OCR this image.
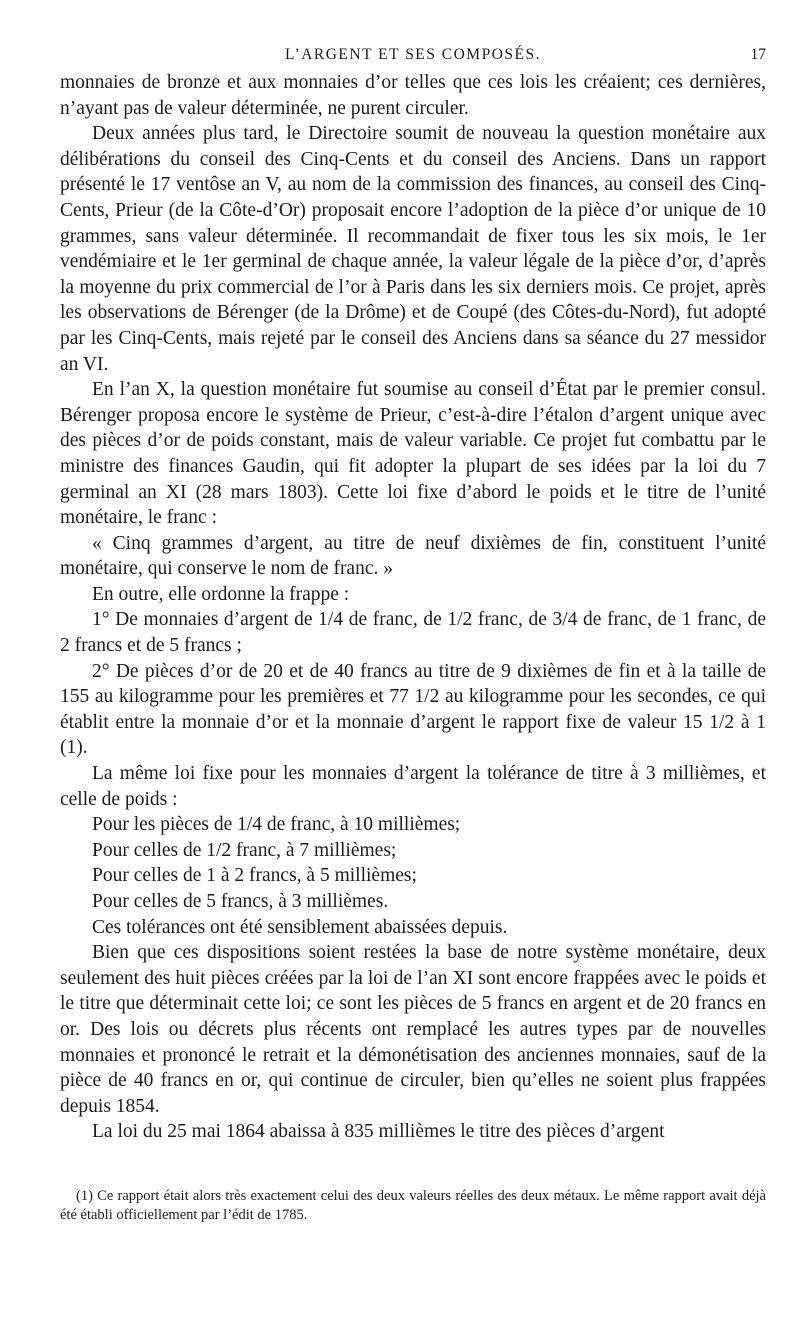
L’ARGENT ET SES COMPOSÉS.	17

monnaies de bronze et aux monnaies d’or telles que ces lois les créaient; ces dernières, n’ayant pas de valeur déterminée, ne purent circuler.

Deux années plus tard, le Directoire soumit de nouveau la question monétaire aux délibérations du conseil des Cinq-Cents et du conseil des Anciens. Dans un rapport présenté le 17 ventôse an V, au nom de la commission des finances, au conseil des Cinq-Cents, Prieur (de la Côte-d’Or) proposait encore l’adoption de la pièce d’or unique de 10 grammes, sans valeur déterminée. Il recommandait de fixer tous les six mois, le 1er vendémiaire et le 1er germinal de chaque année, la valeur légale de la pièce d’or, d’après la moyenne du prix commercial de l’or à Paris dans les six derniers mois. Ce projet, après les observations de Bérenger (de la Drôme) et de Coupé (des Côtes-du-Nord), fut adopté par les Cinq-Cents, mais rejeté par le conseil des Anciens dans sa séance du 27 messidor an VI.

En l’an X, la question monétaire fut soumise au conseil d’État par le premier consul. Bérenger proposa encore le système de Prieur, c’est-à-dire l’étalon d’argent unique avec des pièces d’or de poids constant, mais de valeur variable. Ce projet fut combattu par le ministre des finances Gaudin, qui fit adopter la plupart de ses idées par la loi du 7 germinal an XI (28 mars 1803). Cette loi fixe d’abord le poids et le titre de l’unité monétaire, le franc :

« Cinq grammes d’argent, au titre de neuf dixièmes de fin, constituent l’unité monétaire, qui conserve le nom de franc. »

En outre, elle ordonne la frappe :

1° De monnaies d’argent de 1/4 de franc, de 1/2 franc, de 3/4 de franc, de 1 franc, de 2 francs et de 5 francs ;

2° De pièces d’or de 20 et de 40 francs au titre de 9 dixièmes de fin et à la taille de 155 au kilogramme pour les premières et 77 1/2 au kilogramme pour les secondes, ce qui établit entre la monnaie d’or et la monnaie d’argent le rapport fixe de valeur 15 1/2 à 1 (1).

La même loi fixe pour les monnaies d’argent la tolérance de titre à 3 millièmes, et celle de poids :

Pour les pièces de 1/4 de franc, à 10 millièmes;

Pour celles de 1/2 franc, à 7 millièmes;

Pour celles de 1 à 2 francs, à 5 millièmes;

Pour celles de 5 francs, à 3 millièmes.

Ces tolérances ont été sensiblement abaissées depuis.

Bien que ces dispositions soient restées la base de notre système monétaire, deux seulement des huit pièces créées par la loi de l’an XI sont encore frappées avec le poids et le titre que déterminait cette loi; ce sont les pièces de 5 francs en argent et de 20 francs en or. Des lois ou décrets plus récents ont remplacé les autres types par de nouvelles monnaies et prononcé le retrait et la démonétisation des anciennes monnaies, sauf de la pièce de 40 francs en or, qui continue de circuler, bien qu’elles ne soient plus frappées depuis 1854.

La loi du 25 mai 1864 abaissa à 835 millièmes le titre des pièces d’argent

(1) Ce rapport était alors très exactement celui des deux valeurs réelles des deux métaux. Le même rapport avait déjà été établi officiellement par l’édit de 1785.
